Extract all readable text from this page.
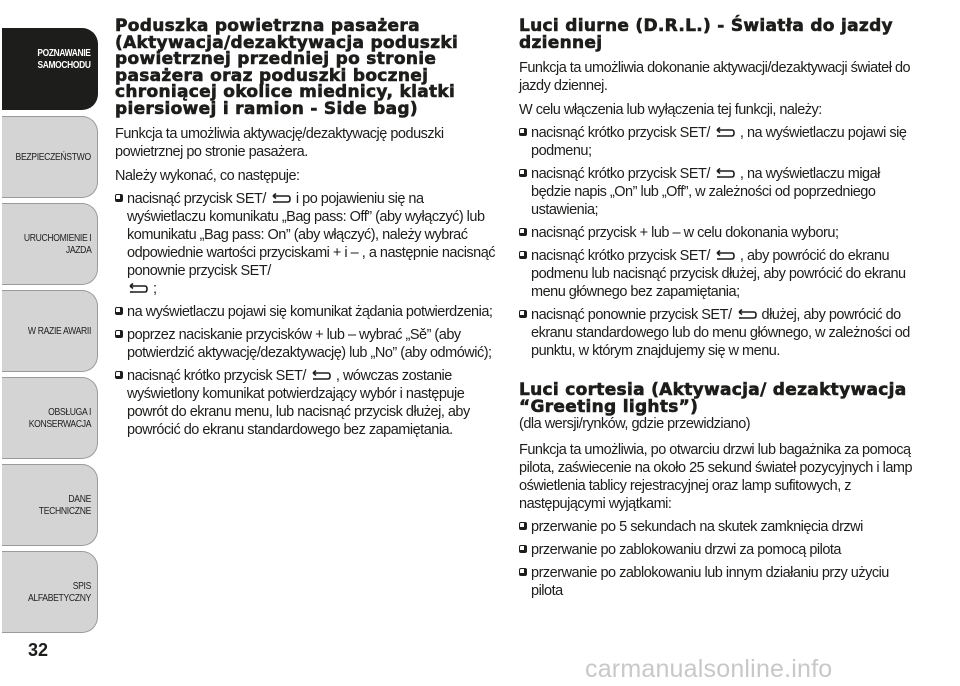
POZNAWANIE
SAMOCHODU
BEZPIECZEŃSTWO
URUCHOMIENIE I
JAZDA
W RAZIE AWARII
OBSŁUGA I
KONSERWACJA
DANE TECHNICZNE
SPIS ALFABETYCZNY
32
Poduszka powietrzna pasażera (Aktywacja/dezaktywacja poduszki powietrznej przedniej po stronie pasażera oraz poduszki bocznej chroniącej okolice miednicy, klatki piersiowej i ramion - Side bag)

Funkcja ta umożliwia aktywację/dezaktywację poduszki powietrznej po stronie pasażera.

Należy wykonać, co następuje:

nacisnąć przycisk SET/ i po pojawieniu się na wyświetlaczu komunikatu „Bag pass: Off” (aby wyłączyć) lub komunikatu „Bag pass: On” (aby włączyć), należy wybrać odpowiednie wartości przyciskami + i – , a następnie nacisnąć ponownie przycisk SET/
;
na wyświetlaczu pojawi się komunikat żądania potwierdzenia;
poprzez naciskanie przycisków + lub – wybrać „Sě” (aby potwierdzić aktywację/dezaktywację) lub „No” (aby odmówić);
nacisnąć krótko przycisk SET/ , wówczas zostanie wyświetlony komunikat potwierdzający wybór i następuje powrót do ekranu menu, lub nacisnąć przycisk dłużej, aby powrócić do ekranu standardowego bez zapamiętania.
Luci diurne (D.R.L.) - Światła do jazdy dziennej

Funkcja ta umożliwia dokonanie aktywacji/dezaktywacji świateł do jazdy dziennej.

W celu włączenia lub wyłączenia tej funkcji, należy:

nacisnąć krótko przycisk SET/ , na wyświetlaczu pojawi się podmenu;
nacisnąć krótko przycisk SET/ , na wyświetlaczu migał będzie napis „On” lub „Off”, w zależności od poprzedniego ustawienia;
nacisnąć przycisk + lub – w celu dokonania wyboru;
nacisnąć krótko przycisk SET/ , aby powrócić do ekranu podmenu lub nacisnąć przycisk dłużej, aby powrócić do ekranu menu głównego bez zapamiętania;
nacisnąć ponownie przycisk SET/ dłużej, aby powrócić do ekranu standardowego lub do menu głównego, w zależności od punktu, w którym znajdujemy się w menu.
Luci cortesia (Aktywacja/ dezaktywacja “Greeting lights”)

(dla wersji/rynków, gdzie przewidziano)

Funkcja ta umożliwia, po otwarciu drzwi lub bagażnika za pomocą pilota, zaświecenie na około 25 sekund świateł pozycyjnych i lamp oświetlenia tablicy rejestracyjnej oraz lamp sufitowych, z następującymi wyjątkami:

przerwanie po 5 sekundach na skutek zamknięcia drzwi
przerwanie po zablokowaniu drzwi za pomocą pilota
przerwanie po zablokowaniu lub innym działaniu przy użyciu pilota
carmanualsonline.info
